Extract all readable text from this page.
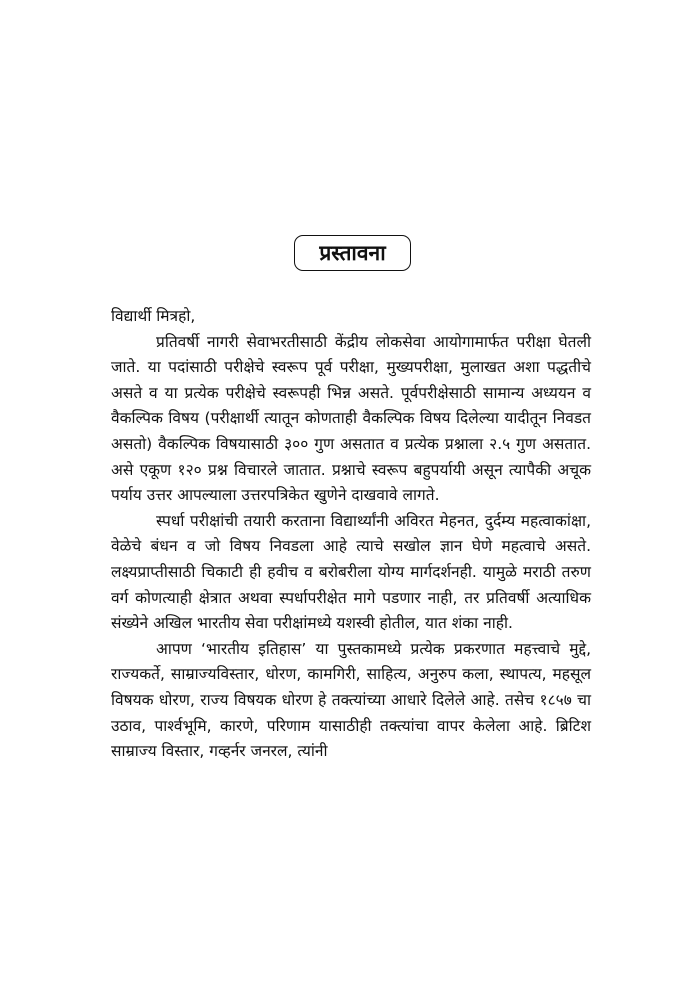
प्रस्तावना

विद्यार्थी मित्रहो,

प्रतिवर्षी नागरी सेवाभरतीसाठी केंद्रीय लोकसेवा आयोगामार्फत परीक्षा घेतली जाते. या पदांसाठी परीक्षेचे स्वरूप पूर्व परीक्षा, मुख्यपरीक्षा, मुलाखत अशा पद्धतीचे असते व या प्रत्येक परीक्षेचे स्वरूपही भिन्न असते. पूर्वपरीक्षेसाठी सामान्य अध्ययन व वैकल्पिक विषय (परीक्षार्थी त्यातून कोणताही वैकल्पिक विषय दिलेल्या यादीतून निवडत असतो) वैकल्पिक विषयासाठी ३०० गुण असतात व प्रत्येक प्रश्नाला २.५ गुण असतात. असे एकूण १२० प्रश्न विचारले जातात. प्रश्नाचे स्वरूप बहुपर्यायी असून त्यापैकी अचूक पर्याय उत्तर आपल्याला उत्तरपत्रिकेत खुणेने दाखवावे लागते.

स्पर्धा परीक्षांची तयारी करताना विद्यार्थ्यांनी अविरत मेहनत, दुर्दम्य महत्वाकांक्षा, वेळेचे बंधन व जो विषय निवडला आहे त्याचे सखोल ज्ञान घेणे महत्वाचे असते. लक्ष्यप्राप्तीसाठी चिकाटी ही हवीच व बरोबरीला योग्य मार्गदर्शनही. यामुळे मराठी तरुण वर्ग कोणत्याही क्षेत्रात अथवा स्पर्धापरीक्षेत मागे पडणार नाही, तर प्रतिवर्षी अत्याधिक संख्येने अखिल भारतीय सेवा परीक्षांमध्ये यशस्वी होतील, यात शंका नाही.

आपण ‘भारतीय इतिहास’ या पुस्तकामध्ये प्रत्येक प्रकरणात महत्त्वाचे मुद्दे, राज्यकर्ते, साम्राज्यविस्तार, धोरण, कामगिरी, साहित्य, अनुरुप कला, स्थापत्य, महसूल विषयक धोरण, राज्य विषयक धोरण हे तक्त्यांच्या आधारे दिलेले आहे. तसेच १८५७ चा उठाव, पार्श्वभूमि, कारणे, परिणाम यासाठीही तक्त्यांचा वापर केलेला आहे. ब्रिटिश साम्राज्य विस्तार, गव्हर्नर जनरल, त्यांनी
